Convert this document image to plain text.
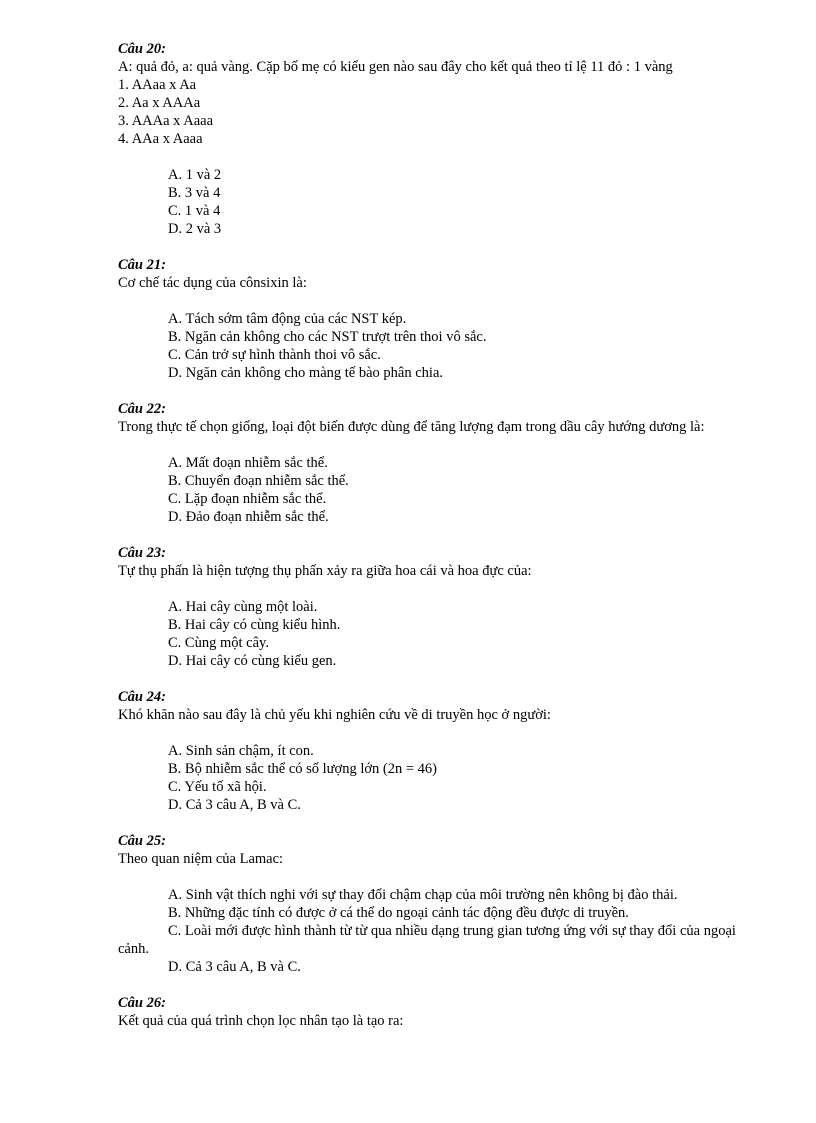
Câu 20:
A: quả đỏ, a: quả vàng. Cặp bố mẹ có kiểu gen nào sau đây cho kết quả theo tỉ lệ 11 đỏ : 1 vàng
1. AAaa x Aa
2. Aa x AAAa
3. AAAa x Aaaa
4. AAa x Aaaa
A. 1 và 2
B. 3 và 4
C. 1 và 4
D. 2 và 3
Câu 21:
Cơ chế tác dụng của cônsixin là:
A. Tách sớm tâm động của các NST kép.
B. Ngăn cản không cho các NST trượt trên thoi vô sắc.
C. Cản trở sự hình thành thoi vô sắc.
D. Ngăn cản không cho màng tế bào phân chia.
Câu 22:
Trong thực tế chọn giống, loại đột biến được dùng để tăng lượng đạm trong dầu cây hướng dương là:
A. Mất đoạn nhiễm sắc thể.
B. Chuyển đoạn nhiễm sắc thể.
C. Lặp đoạn nhiễm sắc thể.
D. Đảo đoạn nhiễm sắc thể.
Câu 23:
Tự thụ phấn là hiện tượng thụ phấn xảy ra giữa hoa cái và hoa đực của:
A. Hai cây cùng một loài.
B. Hai cây có cùng kiểu hình.
C. Cùng một cây.
D. Hai cây có cùng kiểu gen.
Câu 24:
Khó khăn nào sau đây là chủ yếu khi nghiên cứu về di truyền học ở người:
A. Sinh sản chậm, ít con.
B. Bộ nhiễm sắc thể có số lượng lớn (2n = 46)
C. Yếu tố xã hội.
D. Cả 3 câu A, B và C.
Câu 25:
Theo quan niệm của Lamac:
A. Sinh vật thích nghi với sự thay đổi chậm chạp của môi trường nên không bị đào thải.
B. Những đặc tính có được ở cá thể do ngoại cảnh tác động đều được di truyền.
C. Loài mới được hình thành từ từ qua nhiều dạng trung gian tương ứng với sự thay đổi của ngoại cảnh.
D. Cả 3 câu A, B và C.
Câu 26:
Kết quả của quá trình chọn lọc nhân tạo là tạo ra:
